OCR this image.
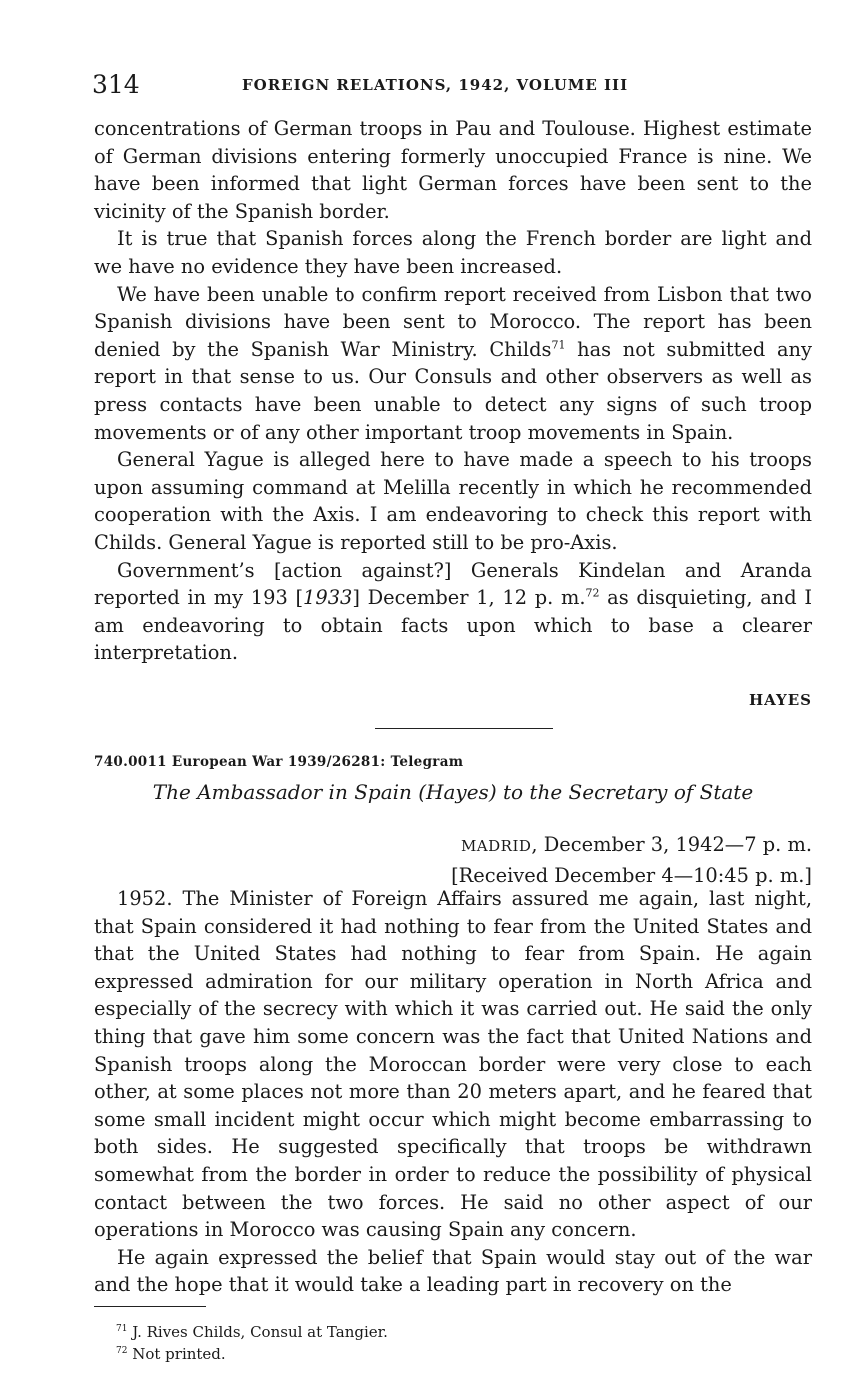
314	FOREIGN RELATIONS, 1942, VOLUME III

concentrations of German troops in Pau and Toulouse. Highest estimate of German divisions entering formerly unoccupied France is nine. We have been informed that light German forces have been sent to the vicinity of the Spanish border.

It is true that Spanish forces along the French border are light and we have no evidence they have been increased.

We have been unable to confirm report received from Lisbon that two Spanish divisions have been sent to Morocco. The report has been denied by the Spanish War Ministry. Childs$^{71}$ has not submitted any report in that sense to us. Our Consuls and other observers as well as press contacts have been unable to detect any signs of such troop movements or of any other important troop movements in Spain.

General Yague is alleged here to have made a speech to his troops upon assuming command at Melilla recently in which he recommended cooperation with the Axis. I am endeavoring to check this report with Childs. General Yague is reported still to be pro-Axis.

Government’s [action against?] Generals Kindelan and Aranda reported in my 193 [1933] December 1, 12 p. m.$^{72}$ as disquieting, and I am endeavoring to obtain facts upon which to base a clearer interpretation.

HAYES
740.0011 European War 1939/26281: Telegram
The Ambassador in Spain (Hayes) to the Secretary of State
MADRID, December 3, 1942—7 p. m.
[Received December 4—10:45 p. m.]

1952. The Minister of Foreign Affairs assured me again, last night, that Spain considered it had nothing to fear from the United States and that the United States had nothing to fear from Spain. He again expressed admiration for our military operation in North Africa and especially of the secrecy with which it was carried out. He said the only thing that gave him some concern was the fact that United Nations and Spanish troops along the Moroccan border were very close to each other, at some places not more than 20 meters apart, and he feared that some small incident might occur which might become embarrassing to both sides. He suggested specifically that troops be withdrawn somewhat from the border in order to reduce the possibility of physical contact between the two forces. He said no other aspect of our operations in Morocco was causing Spain any concern.

He again expressed the belief that Spain would stay out of the war and the hope that it would take a leading part in recovery on the

$^{71}$ J. Rives Childs, Consul at Tangier.
$^{72}$ Not printed.
